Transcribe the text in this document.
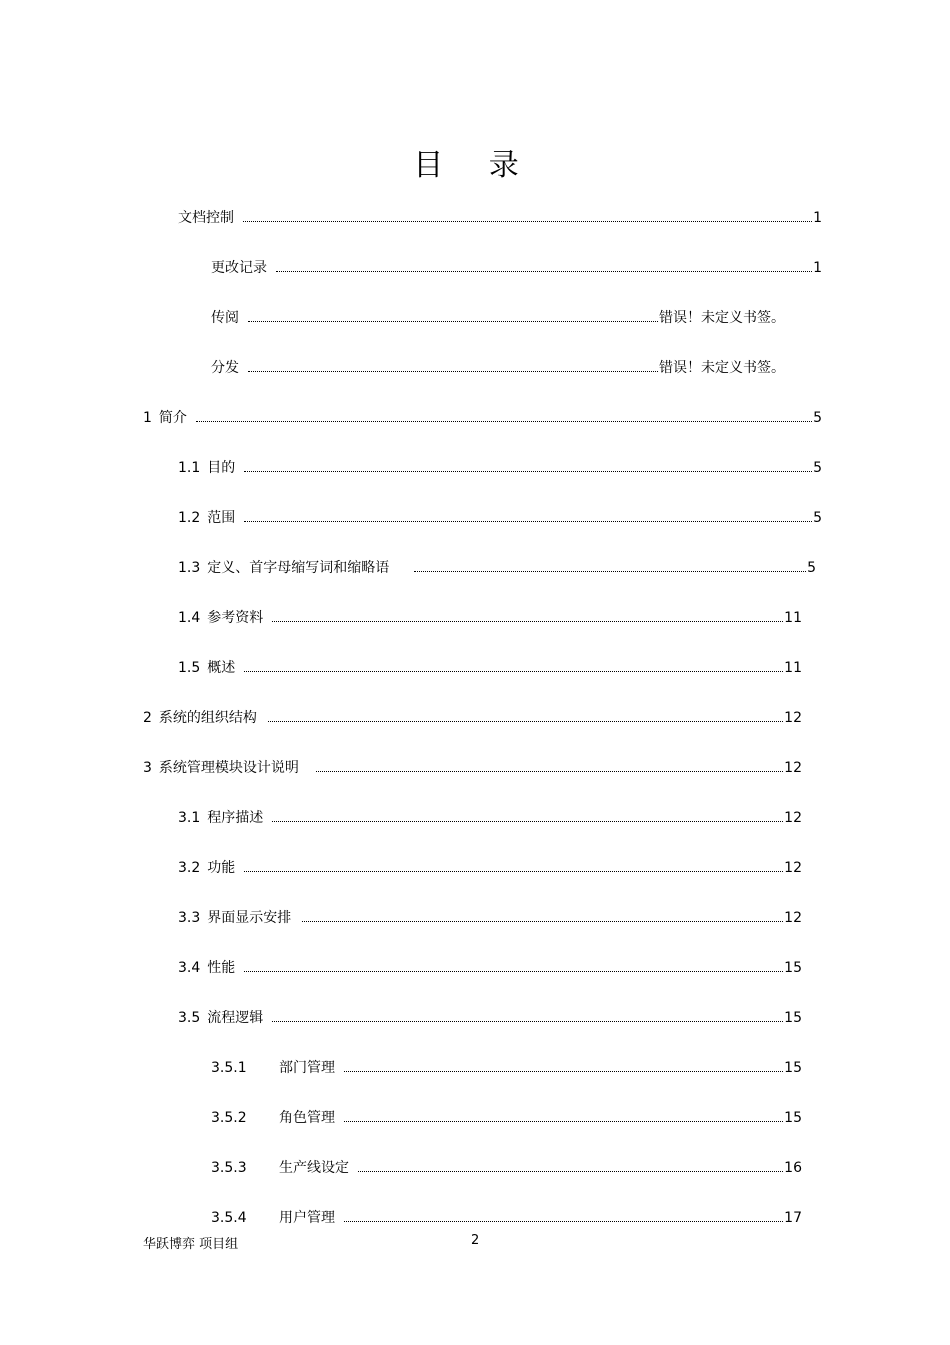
目 录
文档控制	1
更改记录	1
传阅	错误！未定义书签。
分发	错误！未定义书签。
1 简介	5
1.1 目的	5
1.2 范围	5
1.3 定义、首字母缩写词和缩略语	5
1.4 参考资料	11
1.5 概述	11
2 系统的组织结构	12
3 系统管理模块设计说明	12
3.1 程序描述	12
3.2 功能	12
3.3 界面显示安排	12
3.4 性能	15
3.5 流程逻辑	15
3.5.1	部门管理	15
3.5.2	角色管理	15
3.5.3	生产线设定	16
3.5.4	用户管理	17
华跃博弈 项目组	2
